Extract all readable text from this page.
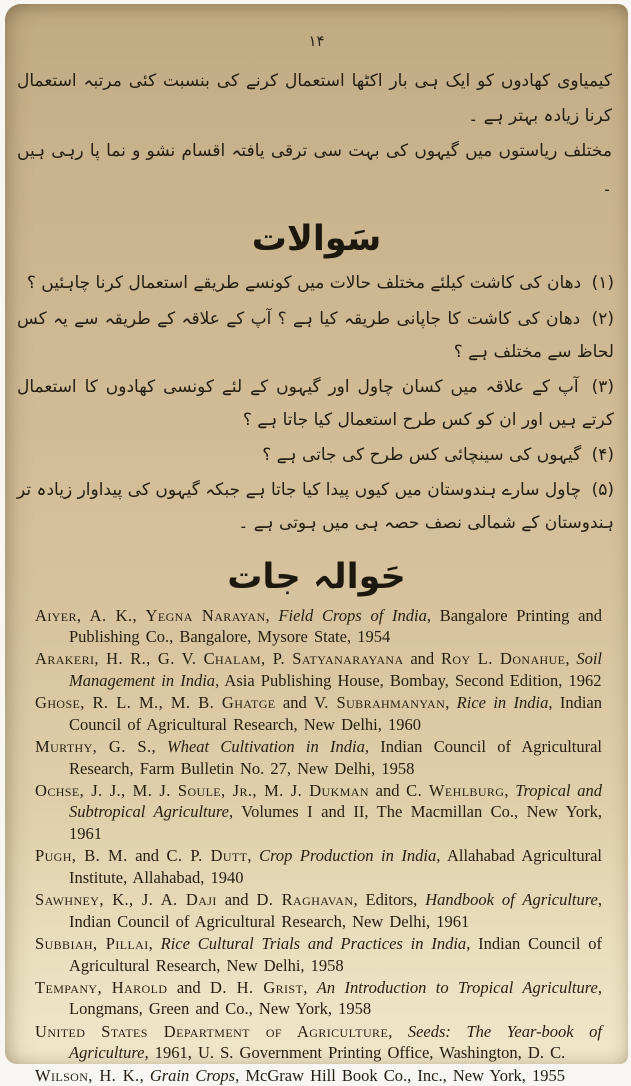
۱۴

کیمیاوی کھادوں کو ایک ہی بار اکٹھا استعمال کرنے کی بنسبت کئی مرتبہ استعمال کرنا زیادہ بہتر ہے ۔

مختلف ریاستوں میں گیہوں کی بہت سی ترقی یافتہ اقسام نشو و نما پا رہی ہیں ۔

سَوالات

(۱) دھان کی کاشت کیلئے مختلف حالات میں کونسے طریقے استعمال کرنا چاہئیں ؟

(۲) دھان کی کاشت کا جاپانی طریقہ کیا ہے ؟ آپ کے علاقہ کے طریقہ سے یہ کس لحاظ سے مختلف ہے ؟

(۳) آپ کے علاقہ میں کسان چاول اور گیہوں کے لئے کونسی کھادوں کا استعمال کرتے ہیں اور ان کو کس طرح استعمال کیا جاتا ہے ؟

(۴) گیہوں کی سینچائی کس طرح کی جاتی ہے ؟

(۵) چاول سارے ہندوستان میں کیوں پیدا کیا جاتا ہے جبکہ گیہوں کی پیداوار زیادہ تر ہندوستان کے شمالی نصف حصہ ہی میں ہوتی ہے ۔

حَوالہ جات

Aiyer, A. K., Yegna Narayan, Field Crops of India, Bangalore Printing and Publishing Co., Bangalore, Mysore State, 1954

Arakeri, H. R., G. V. Chalam, P. Satyanarayana and Roy L. Donahue, Soil Management in India, Asia Publishing House, Bombay, Second Edition, 1962

Ghose, R. L. M., M. B. Ghatge and V. Subrahmanyan, Rice in India, Indian Council of Agricultural Research, New Delhi, 1960

Murthy, G. S., Wheat Cultivation in India, Indian Council of Agricultural Research, Farm Bulletin No. 27, New Delhi, 1958

Ochse, J. J., M. J. Soule, Jr., M. J. Dukman and C. Wehlburg, Tropical and Subtropical Agriculture, Volumes I and II, The Macmillan Co., New York, 1961

Pugh, B. M. and C. P. Dutt, Crop Production in India, Allahabad Agricultural Institute, Allahabad, 1940

Sawhney, K., J. A. Daji and D. Raghavan, Editors, Handbook of Agriculture, Indian Council of Agricultural Research, New Delhi, 1961

Subbiah, Pillai, Rice Cultural Trials and Practices in India, Indian Council of Agricultural Research, New Delhi, 1958

Tempany, Harold and D. H. Grist, An Introduction to Tropical Agriculture, Longmans, Green and Co., New York, 1958

United States Department of Agriculture, Seeds: The Year-book of Agriculture, 1961, U. S. Government Printing Office, Washington, D. C.

Wilson, H. K., Grain Crops, McGraw Hill Book Co., Inc., New York, 1955
